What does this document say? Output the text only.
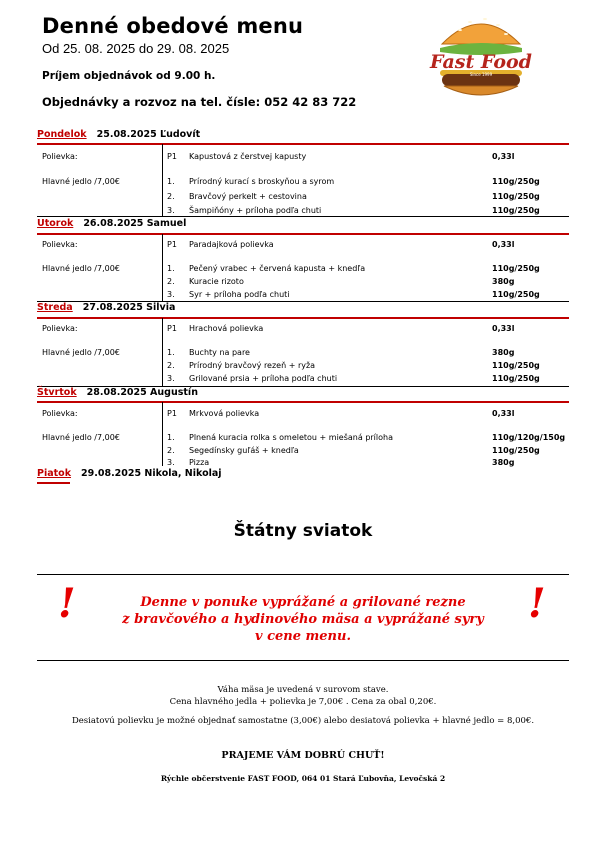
Denné obedové menu
Od 25. 08. 2025 do 29. 08. 2025
Príjem objednávok od 9.00 h.
Objednávky a rozvoz na tel. čísle: 052 42 83 722
Fast Food
Since 1999
Pondelok 25.08.2025 Ľudovít
Polievka:	P1 Kapustová z čerstvej kapusty	0,33l
Hlavné jedlo /7,00€	1. Prírodný kurací s broskyňou a syrom	110g/250g
2. Bravčový perkelt + cestovina	110g/250g
3. Šampiňóny + príloha podľa chuti	110g/250g
Utorok 26.08.2025 Samuel
Polievka:	P1 Paradajková polievka	0,33l
Hlavné jedlo /7,00€	1. Pečený vrabec + červená kapusta + knedľa	110g/250g
2. Kuracie rizoto	380g
3. Syr + príloha podľa chuti	110g/250g
Streda 27.08.2025 Silvia
Polievka:	P1 Hrachová polievka	0,33l
Hlavné jedlo /7,00€	1. Buchty na pare	380g
2. Prírodný bravčový rezeň + ryža	110g/250g
3. Grilované prsia + príloha podľa chuti	110g/250g
Štvrtok 28.08.2025 Augustín
Polievka:	P1 Mrkvová polievka	0,33l
Hlavné jedlo /7,00€	1. Plnená kuracia rolka s omeletou + miešaná príloha	110g/120g/150g
2. Segedínsky guľáš + knedľa	110g/250g
3. Pizza	380g
Piatok 29.08.2025 Nikola, Nikolaj
Štátny sviatok
!	!
Denne v ponuke vyprážané a grilované rezne
z bravčového a hydinového mäsa a vyprážané syry
v cene menu.
Váha mäsa je uvedená v surovom stave.
Cena hlavného jedla + polievka je 7,00€ . Cena za obal 0,20€.
Desiatovú polievku je možné objednať samostatne (3,00€) alebo desiatová polievka + hlavné jedlo = 8,00€.
PRAJEME VÁM DOBRÚ CHUŤ!
Rýchle občerstvenie FAST FOOD, 064 01 Stará Ľubovňa, Levočská 2
